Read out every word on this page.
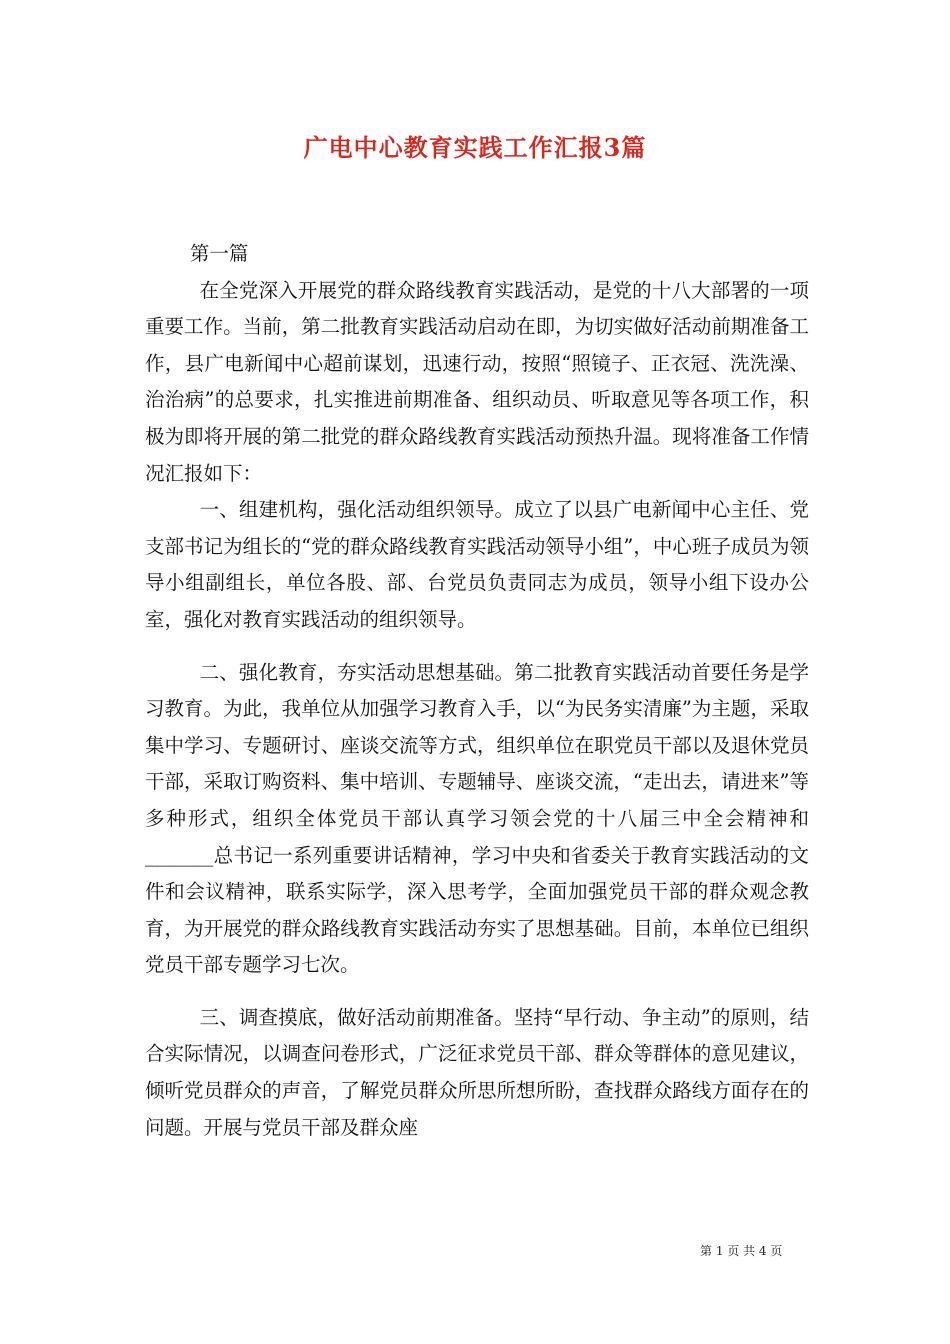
广电中心教育实践工作汇报3篇

第一篇

在全党深入开展党的群众路线教育实践活动，是党的十八大部署的一项重要工作。当前，第二批教育实践活动启动在即，为切实做好活动前期准备工作，县广电新闻中心超前谋划，迅速行动，按照“照镜子、正衣冠、洗洗澡、治治病”的总要求，扎实推进前期准备、组织动员、听取意见等各项工作，积极为即将开展的第二批党的群众路线教育实践活动预热升温。现将准备工作情况汇报如下：

一、组建机构，强化活动组织领导。成立了以县广电新闻中心主任、党支部书记为组长的“党的群众路线教育实践活动领导小组”，中心班子成员为领导小组副组长，单位各股、部、台党员负责同志为成员，领导小组下设办公室，强化对教育实践活动的组织领导。

二、强化教育，夯实活动思想基础。第二批教育实践活动首要任务是学习教育。为此，我单位从加强学习教育入手，以“为民务实清廉”为主题，采取集中学习、专题研讨、座谈交流等方式，组织单位在职党员干部以及退休党员干部，采取订购资料、集中培训、专题辅导、座谈交流，“走出去，请进来”等多种形式，组织全体党员干部认真学习领会党的十八届三中全会精神和_______总书记一系列重要讲话精神，学习中央和省委关于教育实践活动的文件和会议精神，联系实际学，深入思考学，全面加强党员干部的群众观念教育，为开展党的群众路线教育实践活动夯实了思想基础。目前，本单位已组织党员干部专题学习七次。

三、调查摸底，做好活动前期准备。坚持“早行动、争主动”的原则，结合实际情况，以调查问卷形式，广泛征求党员干部、群众等群体的意见建议，倾听党员群众的声音，了解党员群众所思所想所盼，查找群众路线方面存在的问题。开展与党员干部及群众座

第 1 页 共 4 页
